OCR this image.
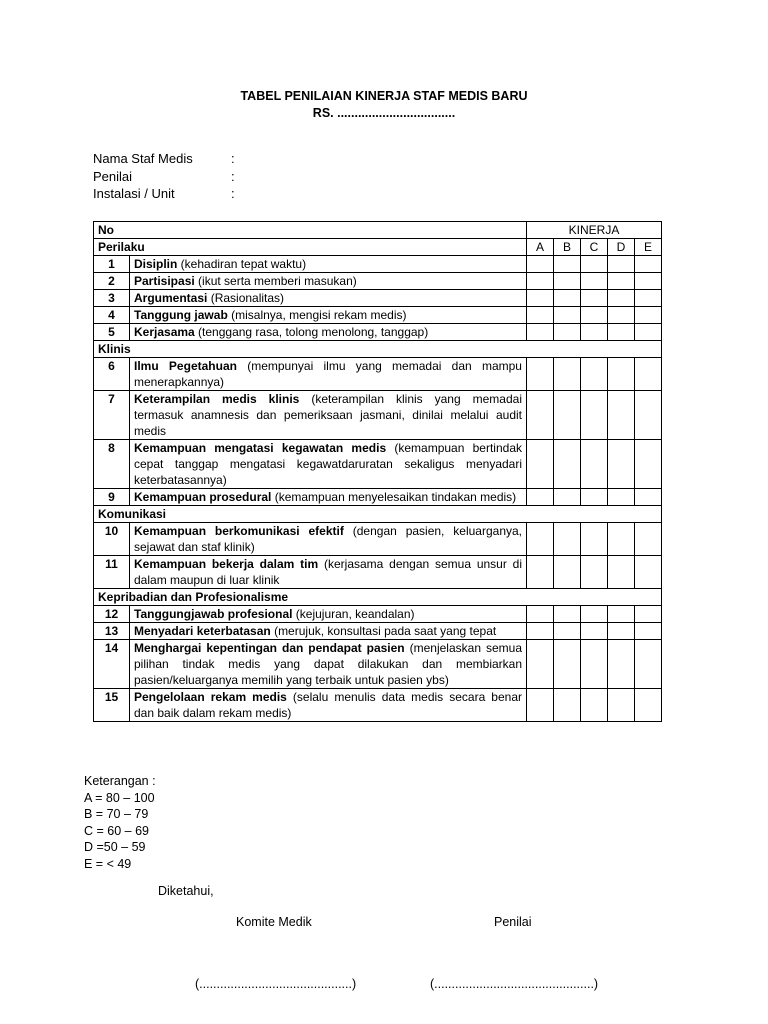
TABEL PENILAIAN KINERJA STAF MEDIS BARU
RS. ..................................
Nama Staf Medis	:
Penilai	:
Instalasi / Unit	:
No		KINERJA				
Perilaku		A	B	C	D	E
1	Disiplin (kehadiran tepat waktu)					
2	Partisipasi (ikut serta memberi masukan)					
3	Argumentasi (Rasionalitas)					
4	Tanggung jawab (misalnya, mengisi rekam medis)					
5	Kerjasama (tenggang rasa, tolong menolong, tanggap)					
Klinis						
6	Ilmu Pegetahuan (mempunyai ilmu yang memadai dan mampu menerapkannya)					
7	Keterampilan medis klinis (keterampilan klinis yang memadai termasuk anamnesis dan pemeriksaan jasmani, dinilai melalui audit medis					
8	Kemampuan mengatasi kegawatan medis (kemampuan bertindak cepat tanggap mengatasi kegawatdaruratan sekaligus menyadari keterbatasannya)					
9	Kemampuan prosedural (kemampuan menyelesaikan tindakan medis)					
Komunikasi						
10	Kemampuan berkomunikasi efektif (dengan pasien, keluarganya, sejawat dan staf klinik)					
11	Kemampuan bekerja dalam tim (kerjasama dengan semua unsur di dalam maupun di luar klinik					
Kepribadian dan Profesionalisme						
12	Tanggungjawab profesional (kejujuran, keandalan)					
13	Menyadari keterbatasan (merujuk, konsultasi pada saat yang tepat					
14	Menghargai kepentingan dan pendapat pasien (menjelaskan semua pilihan tindak medis yang dapat dilakukan dan membiarkan pasien/keluarganya memilih yang terbaik untuk pasien ybs)					
15	Pengelolaan rekam medis (selalu menulis data medis secara benar dan baik dalam rekam medis)					
Keterangan :
A = 80 – 100
B = 70 – 79
C = 60 – 69
D =50 – 59
E = < 49
Diketahui,
Komite Medik	Penilai
(............................................)	(..............................................)
